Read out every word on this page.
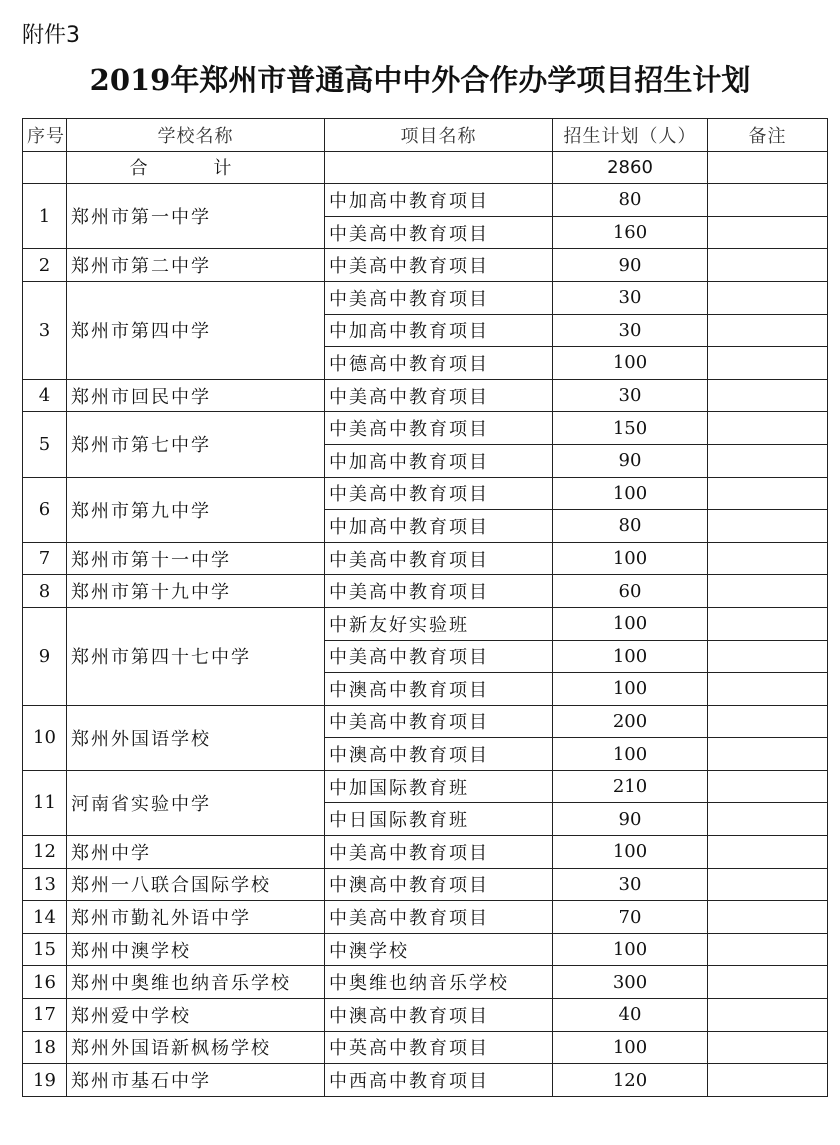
附件3
2019年郑州市普通高中中外合作办学项目招生计划
序号	学校名称	项目名称	招生计划（人）	备注
	合 计		2860	
1	郑州市第一中学	中加高中教育项目	80	
		中美高中教育项目	160	
2	郑州市第二中学	中美高中教育项目	90	
3	郑州市第四中学	中美高中教育项目	30	
		中加高中教育项目	30	
		中德高中教育项目	100	
4	郑州市回民中学	中美高中教育项目	30	
5	郑州市第七中学	中美高中教育项目	150	
		中加高中教育项目	90	
6	郑州市第九中学	中美高中教育项目	100	
		中加高中教育项目	80	
7	郑州市第十一中学	中美高中教育项目	100	
8	郑州市第十九中学	中美高中教育项目	60	
9	郑州市第四十七中学	中新友好实验班	100	
		中美高中教育项目	100	
		中澳高中教育项目	100	
10	郑州外国语学校	中美高中教育项目	200	
		中澳高中教育项目	100	
11	河南省实验中学	中加国际教育班	210	
		中日国际教育班	90	
12	郑州中学	中美高中教育项目	100	
13	郑州一八联合国际学校	中澳高中教育项目	30	
14	郑州市勤礼外语中学	中美高中教育项目	70	
15	郑州中澳学校	中澳学校	100	
16	郑州中奥维也纳音乐学校	中奥维也纳音乐学校	300	
17	郑州爱中学校	中澳高中教育项目	40	
18	郑州外国语新枫杨学校	中英高中教育项目	100	
19	郑州市基石中学	中西高中教育项目	120	
